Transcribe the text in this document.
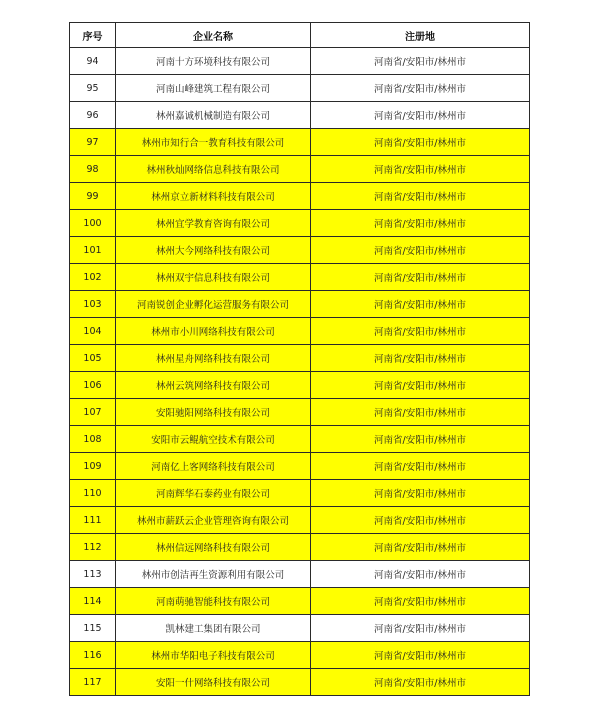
序号	企业名称	注册地
94	河南十方环境科技有限公司	河南省/安阳市/林州市
95	河南山峰建筑工程有限公司	河南省/安阳市/林州市
96	林州嘉诚机械制造有限公司	河南省/安阳市/林州市
97	林州市知行合一教育科技有限公司	河南省/安阳市/林州市
98	林州秋灿网络信息科技有限公司	河南省/安阳市/林州市
99	林州京立新材料科技有限公司	河南省/安阳市/林州市
100	林州宜学教育咨询有限公司	河南省/安阳市/林州市
101	林州大今网络科技有限公司	河南省/安阳市/林州市
102	林州双宇信息科技有限公司	河南省/安阳市/林州市
103	河南锐创企业孵化运营服务有限公司	河南省/安阳市/林州市
104	林州市小川网络科技有限公司	河南省/安阳市/林州市
105	林州星舟网络科技有限公司	河南省/安阳市/林州市
106	林州云筑网络科技有限公司	河南省/安阳市/林州市
107	安阳驰阳网络科技有限公司	河南省/安阳市/林州市
108	安阳市云鲲航空技术有限公司	河南省/安阳市/林州市
109	河南亿上客网络科技有限公司	河南省/安阳市/林州市
110	河南辉华石泰药业有限公司	河南省/安阳市/林州市
111	林州市薪跃云企业管理咨询有限公司	河南省/安阳市/林州市
112	林州信远网络科技有限公司	河南省/安阳市/林州市
113	林州市创洁再生资源利用有限公司	河南省/安阳市/林州市
114	河南萌驰智能科技有限公司	河南省/安阳市/林州市
115	凯林建工集团有限公司	河南省/安阳市/林州市
116	林州市华阳电子科技有限公司	河南省/安阳市/林州市
117	安阳一什网络科技有限公司	河南省/安阳市/林州市
